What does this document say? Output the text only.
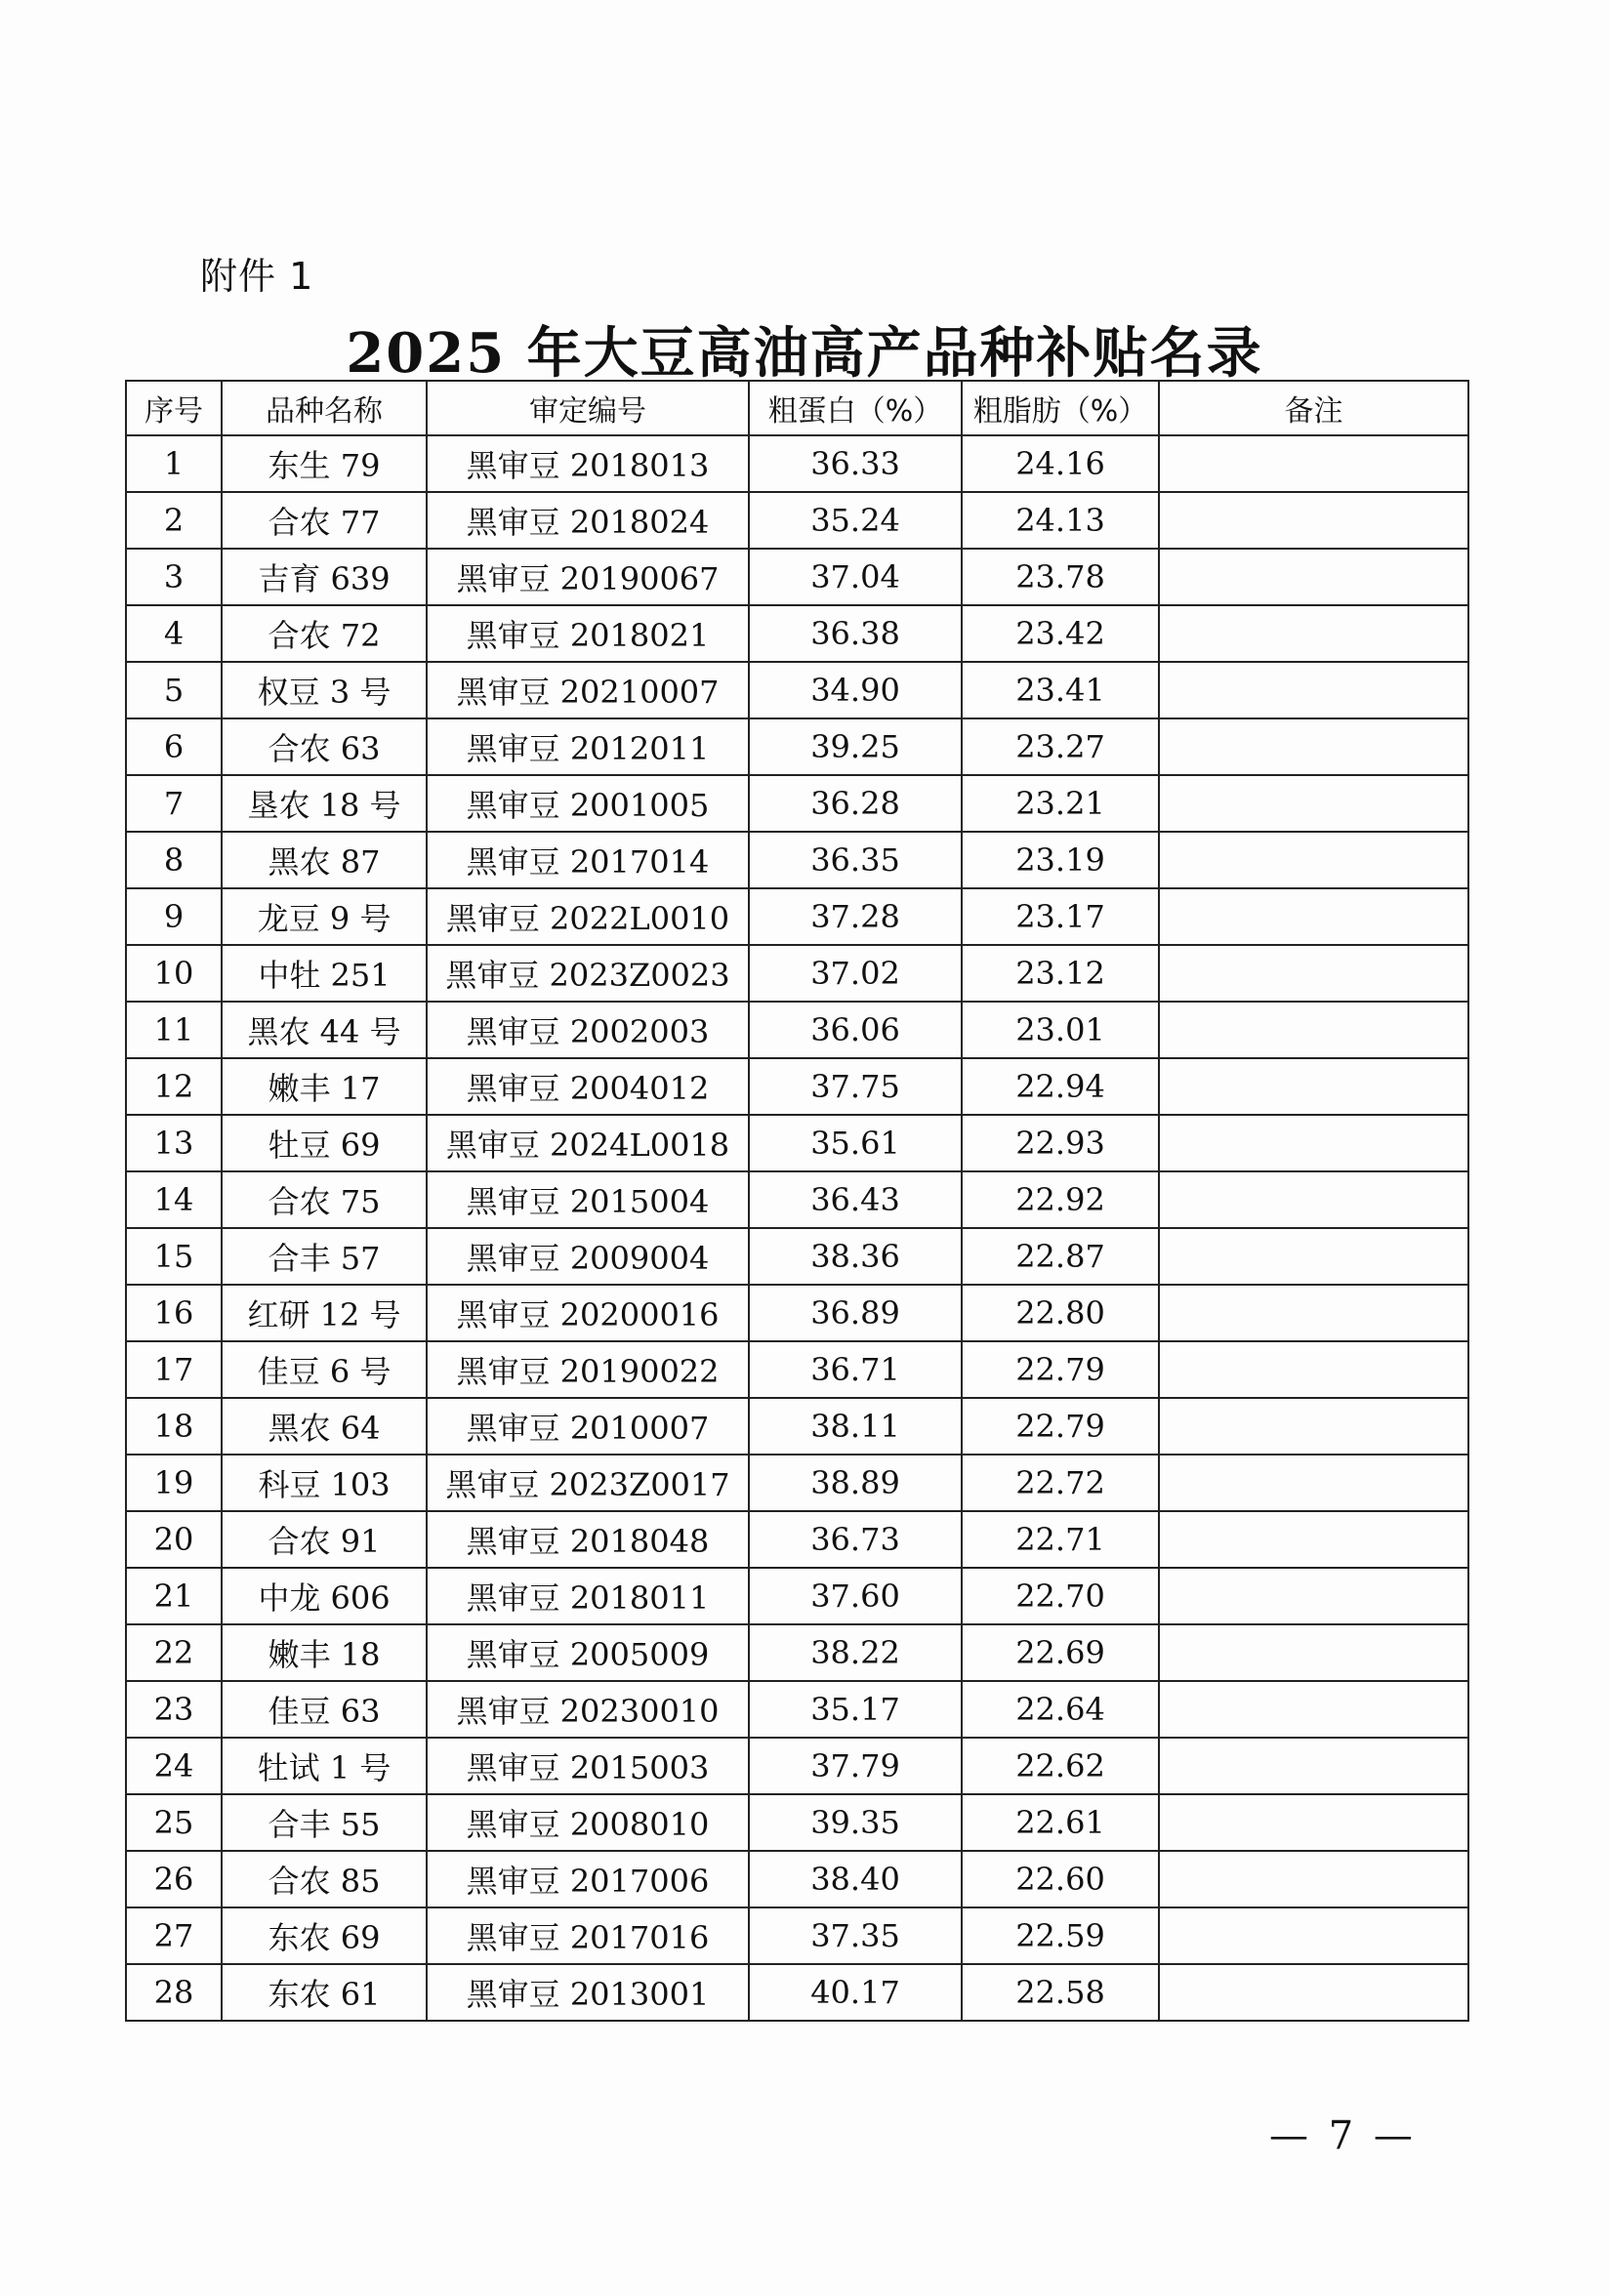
附件 1
2025 年大豆高油高产品种补贴名录
序号	品种名称	审定编号	粗蛋白（%）	粗脂肪（%）	备注
1	东生 79	黑审豆 2018013	36.33	24.16	
2	合农 77	黑审豆 2018024	35.24	24.13	
3	吉育 639	黑审豆 20190067	37.04	23.78	
4	合农 72	黑审豆 2018021	36.38	23.42	
5	权豆 3 号	黑审豆 20210007	34.90	23.41	
6	合农 63	黑审豆 2012011	39.25	23.27	
7	垦农 18 号	黑审豆 2001005	36.28	23.21	
8	黑农 87	黑审豆 2017014	36.35	23.19	
9	龙豆 9 号	黑审豆 2022L0010	37.28	23.17	
10	中牡 251	黑审豆 2023Z0023	37.02	23.12	
11	黑农 44 号	黑审豆 2002003	36.06	23.01	
12	嫩丰 17	黑审豆 2004012	37.75	22.94	
13	牡豆 69	黑审豆 2024L0018	35.61	22.93	
14	合农 75	黑审豆 2015004	36.43	22.92	
15	合丰 57	黑审豆 2009004	38.36	22.87	
16	红研 12 号	黑审豆 20200016	36.89	22.80	
17	佳豆 6 号	黑审豆 20190022	36.71	22.79	
18	黑农 64	黑审豆 2010007	38.11	22.79	
19	科豆 103	黑审豆 2023Z0017	38.89	22.72	
20	合农 91	黑审豆 2018048	36.73	22.71	
21	中龙 606	黑审豆 2018011	37.60	22.70	
22	嫩丰 18	黑审豆 2005009	38.22	22.69	
23	佳豆 63	黑审豆 20230010	35.17	22.64	
24	牡试 1 号	黑审豆 2015003	37.79	22.62	
25	合丰 55	黑审豆 2008010	39.35	22.61	
26	合农 85	黑审豆 2017006	38.40	22.60	
27	东农 69	黑审豆 2017016	37.35	22.59	
28	东农 61	黑审豆 2013001	40.17	22.58	
— 7 —
